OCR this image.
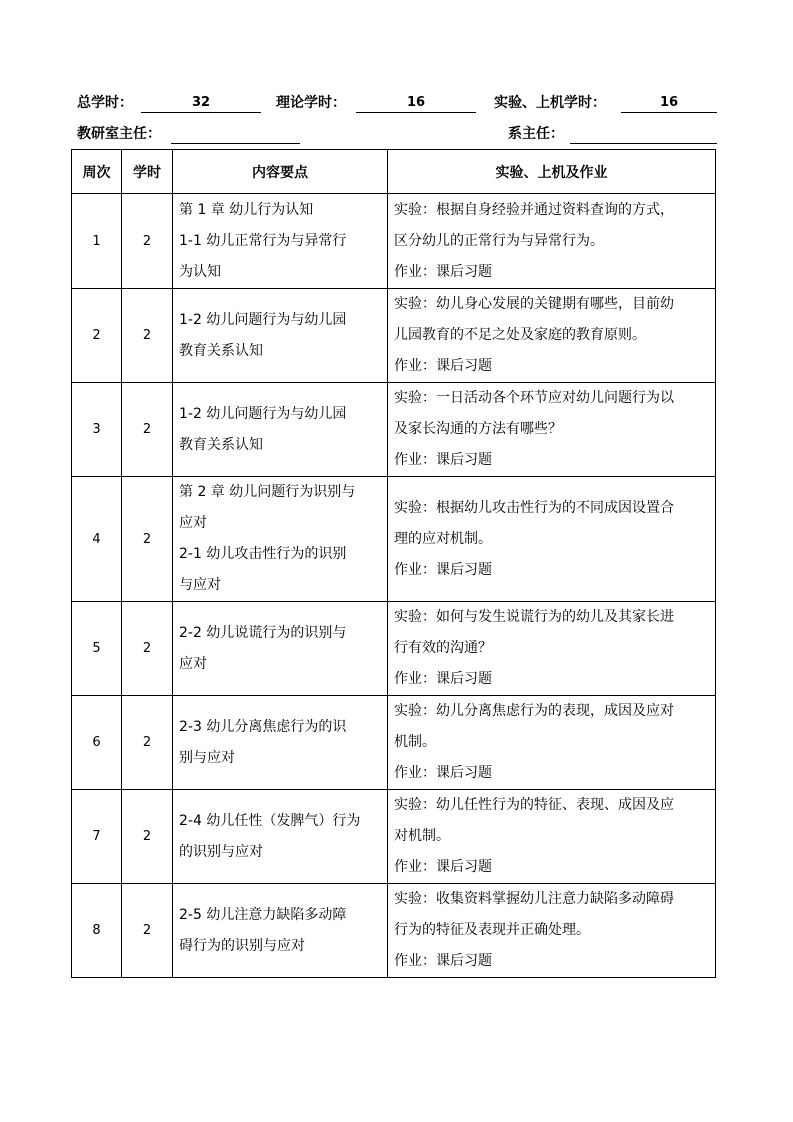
总学时：	32	理论学时：	16	实验、上机学时：	16
教研室主任：	系主任：
周次	学时	内容要点	实验、上机及作业
1	2	第 1 章 幼儿行为认知
1-1 幼儿正常行为与异常行
为认知	实验：根据自身经验并通过资料查询的方式，
区分幼儿的正常行为与异常行为。
作业：课后习题

2	2	1-2 幼儿问题行为与幼儿园
教育关系认知	实验：幼儿身心发展的关键期有哪些，目前幼
儿园教育的不足之处及家庭的教育原则。
作业：课后习题

3	2	1-2 幼儿问题行为与幼儿园
教育关系认知	实验：一日活动各个环节应对幼儿问题行为以
及家长沟通的方法有哪些？
作业：课后习题

4	2	第 2 章 幼儿问题行为识别与
应对
2-1 幼儿攻击性行为的识别
与应对	实验：根据幼儿攻击性行为的不同成因设置合
理的应对机制。
作业：课后习题

5	2	2-2 幼儿说谎行为的识别与
应对	实验：如何与发生说谎行为的幼儿及其家长进
行有效的沟通？
作业：课后习题

6	2	2-3 幼儿分离焦虑行为的识
别与应对	实验：幼儿分离焦虑行为的表现，成因及应对
机制。
作业：课后习题

7	2	2-4 幼儿任性（发脾气）行为
的识别与应对	实验：幼儿任性行为的特征、表现、成因及应
对机制。
作业：课后习题

8	2	2-5 幼儿注意力缺陷多动障
碍行为的识别与应对	实验：收集资料掌握幼儿注意力缺陷多动障碍
行为的特征及表现并正确处理。
作业：课后习题
